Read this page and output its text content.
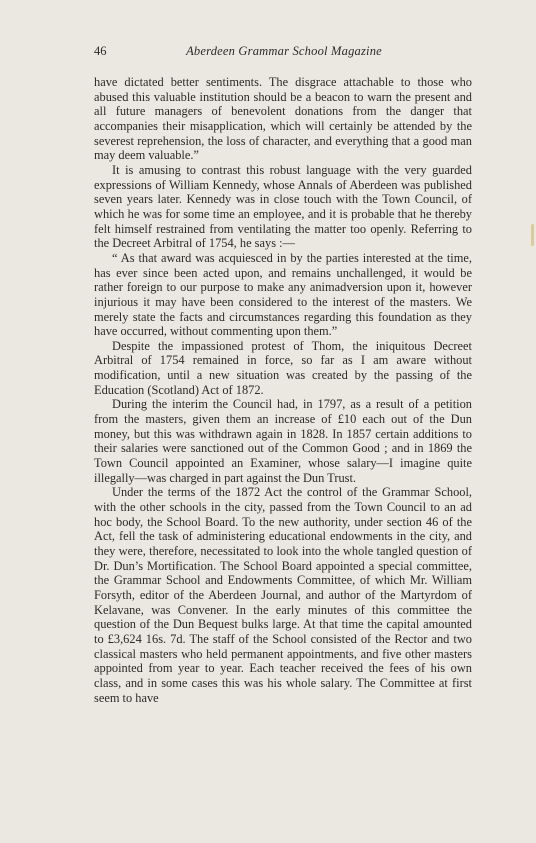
46	Aberdeen Grammar School Magazine

have dictated better sentiments. The disgrace attachable to those who abused this valuable institution should be a beacon to warn the present and all future managers of benevolent donations from the danger that accompanies their misapplication, which will certainly be attended by the severest reprehension, the loss of character, and everything that a good man may deem valuable.”

It is amusing to contrast this robust language with the very guarded expressions of William Kennedy, whose Annals of Aberdeen was published seven years later. Kennedy was in close touch with the Town Council, of which he was for some time an employee, and it is probable that he thereby felt himself restrained from ventilating the matter too openly. Referring to the Decreet Arbitral of 1754, he says :—

“ As that award was acquiesced in by the parties interested at the time, has ever since been acted upon, and remains unchallenged, it would be rather foreign to our purpose to make any animadversion upon it, however injurious it may have been considered to the interest of the masters. We merely state the facts and circumstances regarding this foundation as they have occurred, without commenting upon them.”

Despite the impassioned protest of Thom, the iniquitous Decreet Arbitral of 1754 remained in force, so far as I am aware without modification, until a new situation was created by the passing of the Education (Scotland) Act of 1872.

During the interim the Council had, in 1797, as a result of a petition from the masters, given them an increase of £10 each out of the Dun money, but this was withdrawn again in 1828. In 1857 certain additions to their salaries were sanctioned out of the Common Good ; and in 1869 the Town Council appointed an Examiner, whose salary—I imagine quite illegally—was charged in part against the Dun Trust.

Under the terms of the 1872 Act the control of the Grammar School, with the other schools in the city, passed from the Town Council to an ad hoc body, the School Board. To the new authority, under section 46 of the Act, fell the task of administering educational endowments in the city, and they were, therefore, necessitated to look into the whole tangled question of Dr. Dun’s Mortification. The School Board appointed a special committee, the Grammar School and Endowments Committee, of which Mr. William Forsyth, editor of the Aberdeen Journal, and author of the Martyrdom of Kelavane, was Convener. In the early minutes of this committee the question of the Dun Bequest bulks large. At that time the capital amounted to £3,624 16s. 7d. The staff of the School consisted of the Rector and two classical masters who held permanent appointments, and five other masters appointed from year to year. Each teacher received the fees of his own class, and in some cases this was his whole salary. The Committee at first seem to have
